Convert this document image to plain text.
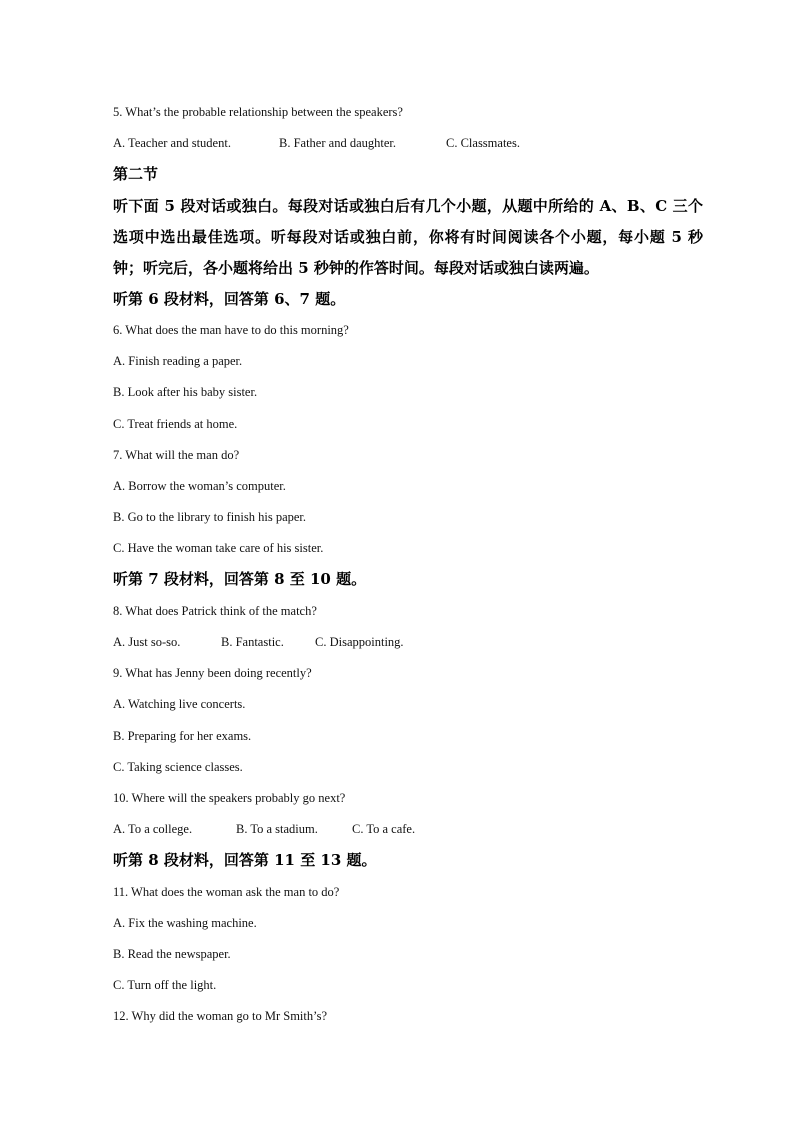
5. What’s the probable relationship between the speakers?
A. Teacher and student.	B. Father and daughter.	C. Classmates.
第二节
听下面 5 段对话或独白。每段对话或独白后有几个小题，从题中所给的 A、B、C 三个选项中选出最佳选项。听每段对话或独白前，你将有时间阅读各个小题，每小题 5 秒钟；听完后，各小题将给出 5 秒钟的作答时间。每段对话或独白读两遍。
听第 6 段材料，回答第 6、7 题。
6. What does the man have to do this morning?
A. Finish reading a paper.
B. Look after his baby sister.
C. Treat friends at home.
7. What will the man do?
A. Borrow the woman’s computer.
B. Go to the library to finish his paper.
C. Have the woman take care of his sister.
听第 7 段材料，回答第 8 至 10 题。
8. What does Patrick think of the match?
A. Just so-so.	B. Fantastic. C. Disappointing.
9. What has Jenny been doing recently?
A. Watching live concerts.
B. Preparing for her exams.
C. Taking science classes.
10. Where will the speakers probably go next?
A. To a college.	B. To a stadium.	C. To a cafe.
听第 8 段材料，回答第 11 至 13 题。
11. What does the woman ask the man to do?
A. Fix the washing machine.
B. Read the newspaper.
C. Turn off the light.
12. Why did the woman go to Mr Smith’s?
